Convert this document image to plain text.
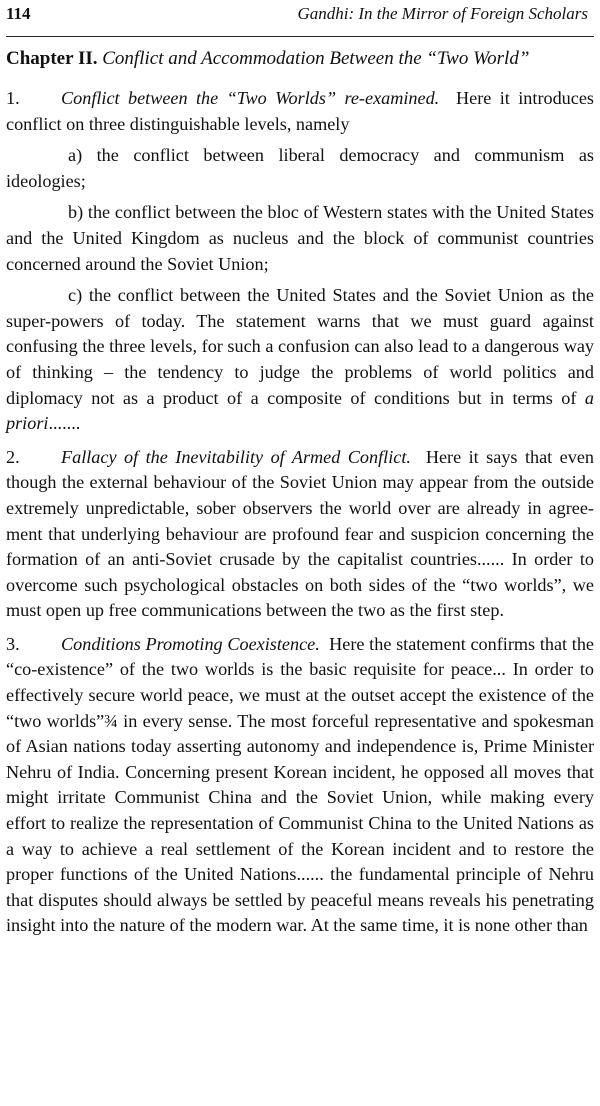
114	Gandhi: In the Mirror of Foreign Scholars
Chapter II. Conflict and Accommodation Between the “Two World”

1. Conflict between the “Two Worlds” re-examined. Here it introduces conflict on three distinguishable levels, namely

a) the conflict between liberal democracy and communism as ideologies;

b) the conflict between the bloc of Western states with the United States and the United Kingdom as nucleus and the block of communist countries concerned around the Soviet Union;

c) the conflict between the United States and the Soviet Union as the super-powers of today. The statement warns that we must guard against confusing the three levels, for such a confusion can also lead to a dangerous way of thinking – the tendency to judge the problems of world politics and diplomacy not as a product of a composite of conditions but in terms of a priori.......

2. Fallacy of the Inevitability of Armed Conflict. Here it says that even though the external behaviour of the Soviet Union may appear from the outside extremely unpredictable, sober observers the world over are already in agree-ment that underlying behaviour are profound fear and suspicion concerning the formation of an anti-Soviet crusade by the capitalist countries...... In order to overcome such psychological obstacles on both sides of the “two worlds”, we must open up free communications between the two as the first step.

3. Conditions Promoting Coexistence. Here the statement confirms that the “co-existence” of the two worlds is the basic requisite for peace... In order to effectively secure world peace, we must at the outset accept the existence of the “two worlds”¾ in every sense. The most forceful representative and spokesman of Asian nations today asserting autonomy and independence is, Prime Minister Nehru of India. Concerning present Korean incident, he opposed all moves that might irritate Communist China and the Soviet Union, while making every effort to realize the representation of Communist China to the United Nations as a way to achieve a real settlement of the Korean incident and to restore the proper functions of the United Nations...... the fundamental principle of Nehru that disputes should always be settled by peaceful means reveals his penetrating insight into the nature of the modern war. At the same time, it is none other than
